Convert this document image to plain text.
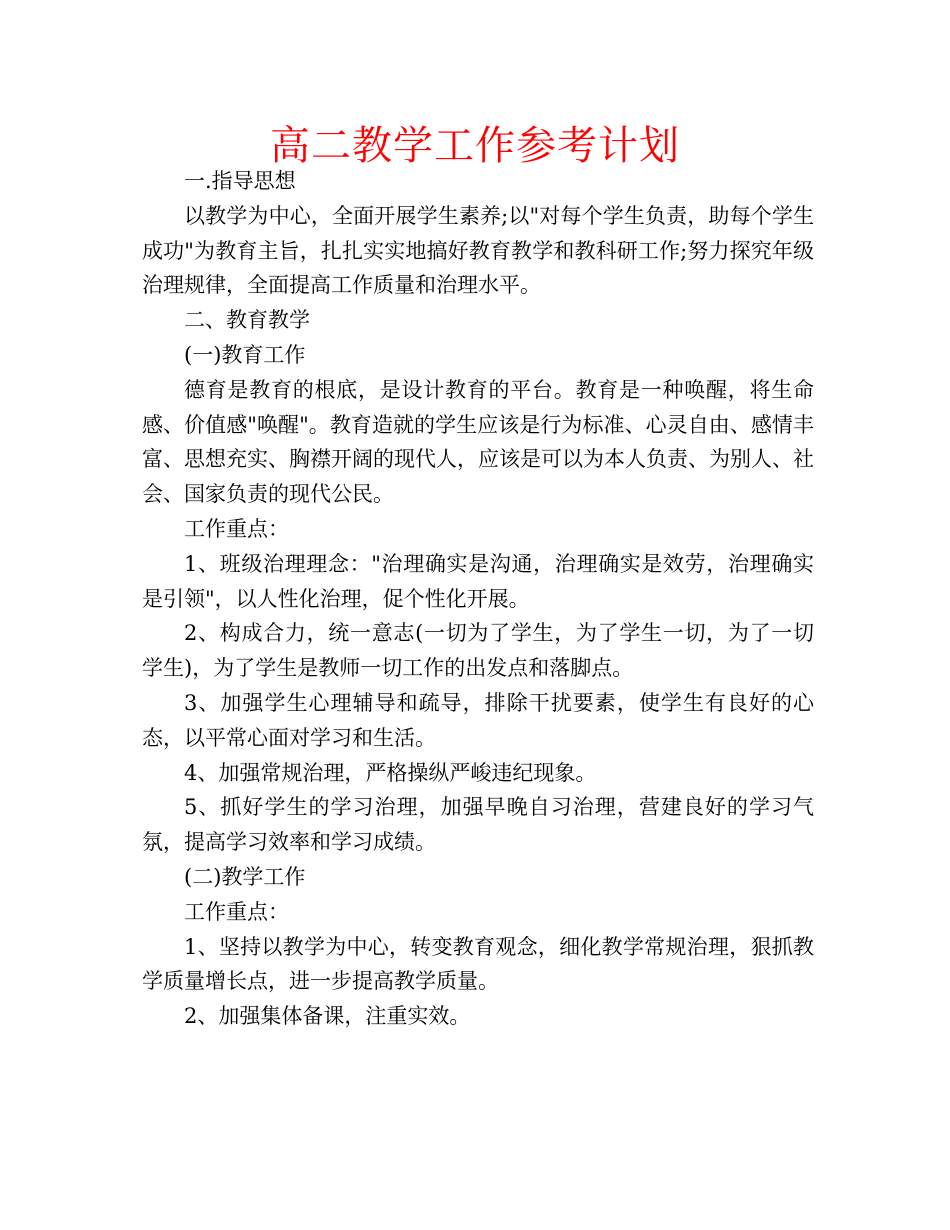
高二教学工作参考计划

一.指导思想

以教学为中心，全面开展学生素养;以"对每个学生负责，助每个学生成功"为教育主旨，扎扎实实地搞好教育教学和教科研工作;努力探究年级治理规律，全面提高工作质量和治理水平。

二、教育教学

(一)教育工作

德育是教育的根底，是设计教育的平台。教育是一种唤醒，将生命感、价值感"唤醒"。教育造就的学生应该是行为标准、心灵自由、感情丰富、思想充实、胸襟开阔的现代人，应该是可以为本人负责、为别人、社会、国家负责的现代公民。

工作重点：

1、班级治理理念："治理确实是沟通，治理确实是效劳，治理确实是引领"，以人性化治理，促个性化开展。

2、构成合力，统一意志(一切为了学生，为了学生一切，为了一切学生)，为了学生是教师一切工作的出发点和落脚点。

3、加强学生心理辅导和疏导，排除干扰要素，使学生有良好的心态，以平常心面对学习和生活。

4、加强常规治理，严格操纵严峻违纪现象。

5、抓好学生的学习治理，加强早晚自习治理，营建良好的学习气氛，提高学习效率和学习成绩。

(二)教学工作

工作重点：

1、坚持以教学为中心，转变教育观念，细化教学常规治理，狠抓教学质量增长点，进一步提高教学质量。

2、加强集体备课，注重实效。
